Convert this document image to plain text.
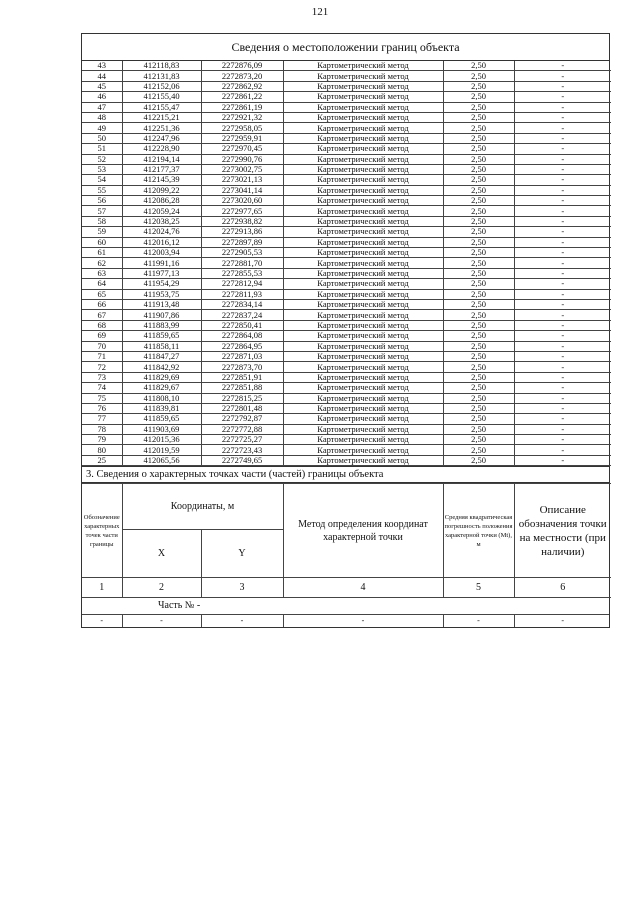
121
Сведения о местоположении границ объекта
43	412118,83	2272876,09	Картометрический метод	2,50	-
44	412131,83	2272873,20	Картометрический метод	2,50	-
45	412152,06	2272862,92	Картометрический метод	2,50	-
46	412155,40	2272861,22	Картометрический метод	2,50	-
47	412155,47	2272861,19	Картометрический метод	2,50	-
48	412215,21	2272921,32	Картометрический метод	2,50	-
49	412251,36	2272958,05	Картометрический метод	2,50	-
50	412247,96	2272959,91	Картометрический метод	2,50	-
51	412228,90	2272970,45	Картометрический метод	2,50	-
52	412194,14	2272990,76	Картометрический метод	2,50	-
53	412177,37	2273002,75	Картометрический метод	2,50	-
54	412145,39	2273021,13	Картометрический метод	2,50	-
55	412099,22	2273041,14	Картометрический метод	2,50	-
56	412086,28	2273020,60	Картометрический метод	2,50	-
57	412059,24	2272977,65	Картометрический метод	2,50	-
58	412038,25	2272938,82	Картометрический метод	2,50	-
59	412024,76	2272913,86	Картометрический метод	2,50	-
60	412016,12	2272897,89	Картометрический метод	2,50	-
61	412003,94	2272905,53	Картометрический метод	2,50	-
62	411991,16	2272881,70	Картометрический метод	2,50	-
63	411977,13	2272855,53	Картометрический метод	2,50	-
64	411954,29	2272812,94	Картометрический метод	2,50	-
65	411953,75	2272811,93	Картометрический метод	2,50	-
66	411913,48	2272834,14	Картометрический метод	2,50	-
67	411907,86	2272837,24	Картометрический метод	2,50	-
68	411883,99	2272850,41	Картометрический метод	2,50	-
69	411859,65	2272864,08	Картометрический метод	2,50	-
70	411858,11	2272864,95	Картометрический метод	2,50	-
71	411847,27	2272871,03	Картометрический метод	2,50	-
72	411842,92	2272873,70	Картометрический метод	2,50	-
73	411829,69	2272851,91	Картометрический метод	2,50	-
74	411829,67	2272851,88	Картометрический метод	2,50	-
75	411808,10	2272815,25	Картометрический метод	2,50	-
76	411839,81	2272801,48	Картометрический метод	2,50	-
77	411859,65	2272792,87	Картометрический метод	2,50	-
78	411903,69	2272772,88	Картометрический метод	2,50	-
79	412015,36	2272725,27	Картометрический метод	2,50	-
80	412019,59	2272723,43	Картометрический метод	2,50	-
25	412065,56	2272749,65	Картометрический метод	2,50	-
3. Сведения о характерных точках части (частей) границы объекта
Обозначение характерных точек части границы	Координаты, м		Метод определения координат характерной точки	Средняя квадратическая погрешность положения характерной точки (Mt), м	Описание обозначения точки на местности (при наличии)
	X	Y			
1	2	3	4	5	6
Часть № -
-	-	-	-	-	-
